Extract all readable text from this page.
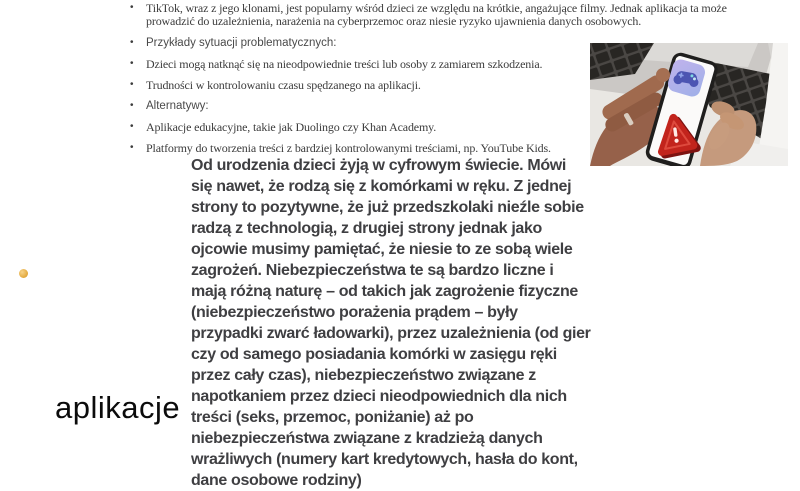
•	TikTok, wraz z jego klonami, jest popularny wśród dzieci ze względu na krótkie, angażujące filmy. Jednak aplikacja ta może prowadzić do uzależnienia, narażenia na cyberprzemoc oraz niesie ryzyko ujawnienia danych osobowych.
•	Przykłady sytuacji problematycznych:
•	Dzieci mogą natknąć się na nieodpowiednie treści lub osoby z zamiarem szkodzenia.
•	Trudności w kontrolowaniu czasu spędzanego na aplikacji.
•	Alternatywy:
•	Aplikacje edukacyjne, takie jak Duolingo czy Khan Academy.
•	Platformy do tworzenia treści z bardziej kontrolowanymi treściami, np. YouTube Kids.
Od urodzenia dzieci żyją w cyfrowym świecie. Mówi się nawet, że rodzą się z komórkami w ręku. Z jednej strony to pozytywne, że już przedszkolaki nieźle sobie radzą z technologią, z drugiej strony jednak jako ojcowie musimy pamiętać, że niesie to ze sobą wiele zagrożeń. Niebezpieczeństwa te są bardzo liczne i mają różną naturę – od takich jak zagrożenie fizyczne (niebezpieczeństwo porażenia prądem – były przypadki zwarć ładowarki), przez uzależnienia (od gier czy od samego posiadania komórki w zasięgu ręki przez cały czas), niebezpieczeństwo związane z napotkaniem przez dzieci nieodpowiednich dla nich treści (seks, przemoc, poniżanie) aż po niebezpieczeństwa związane z kradzieżą danych wrażliwych (numery kart kredytowych, hasła do kont, dane osobowe rodziny)
aplikacje
